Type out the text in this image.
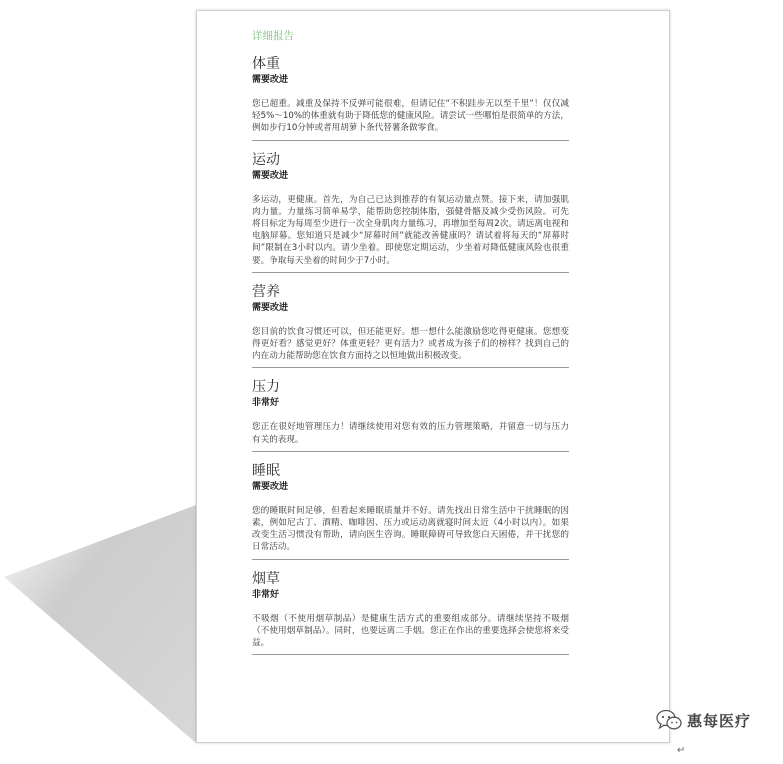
详细报告
体重
需要改进

您已超重。减重及保持不反弹可能很难，但请记住“不积跬步无以至千里”！仅仅减轻5%～10%的体重就有助于降低您的健康风险。请尝试一些哪怕是很简单的方法，例如步行10分钟或者用胡萝卜条代替薯条做零食。

运动
需要改进

多运动，更健康。首先，为自己已达到推荐的有氧运动量点赞。接下来，请加强肌肉力量。力量练习简单易学，能帮助您控制体脂，强健骨骼及减少受伤风险。可先将目标定为每周至少进行一次全身肌肉力量练习，再增加至每周2次。请远离电视和电脑屏幕。您知道只是减少“屏幕时间”就能改善健康吗？请试着将每天的“屏幕时间”限制在3小时以内。请少坐着。即使您定期运动，少坐着对降低健康风险也很重要。争取每天坐着的时间少于7小时。

营养
需要改进

您目前的饮食习惯还可以，但还能更好。想一想什么能激励您吃得更健康。您想变得更好看？感觉更好？体重更轻？更有活力？或者成为孩子们的榜样？找到自己的内在动力能帮助您在饮食方面持之以恒地做出积极改变。

压力
非常好

您正在很好地管理压力！请继续使用对您有效的压力管理策略，并留意一切与压力有关的表现。

睡眠
需要改进

您的睡眠时间足够，但看起来睡眠质量并不好。请先找出日常生活中干扰睡眠的因素，例如尼古丁、酒精、咖啡因、压力或运动离就寝时间太近（4小时以内）。如果改变生活习惯没有帮助，请向医生咨询。睡眠障碍可导致您白天困倦，并干扰您的日常活动。

烟草
非常好

不吸烟（不使用烟草制品）是健康生活方式的重要组成部分。请继续坚持不吸烟（不使用烟草制品）。同时，也要远离二手烟。您正在作出的重要选择会使您将来受益。

惠每医疗
↵
